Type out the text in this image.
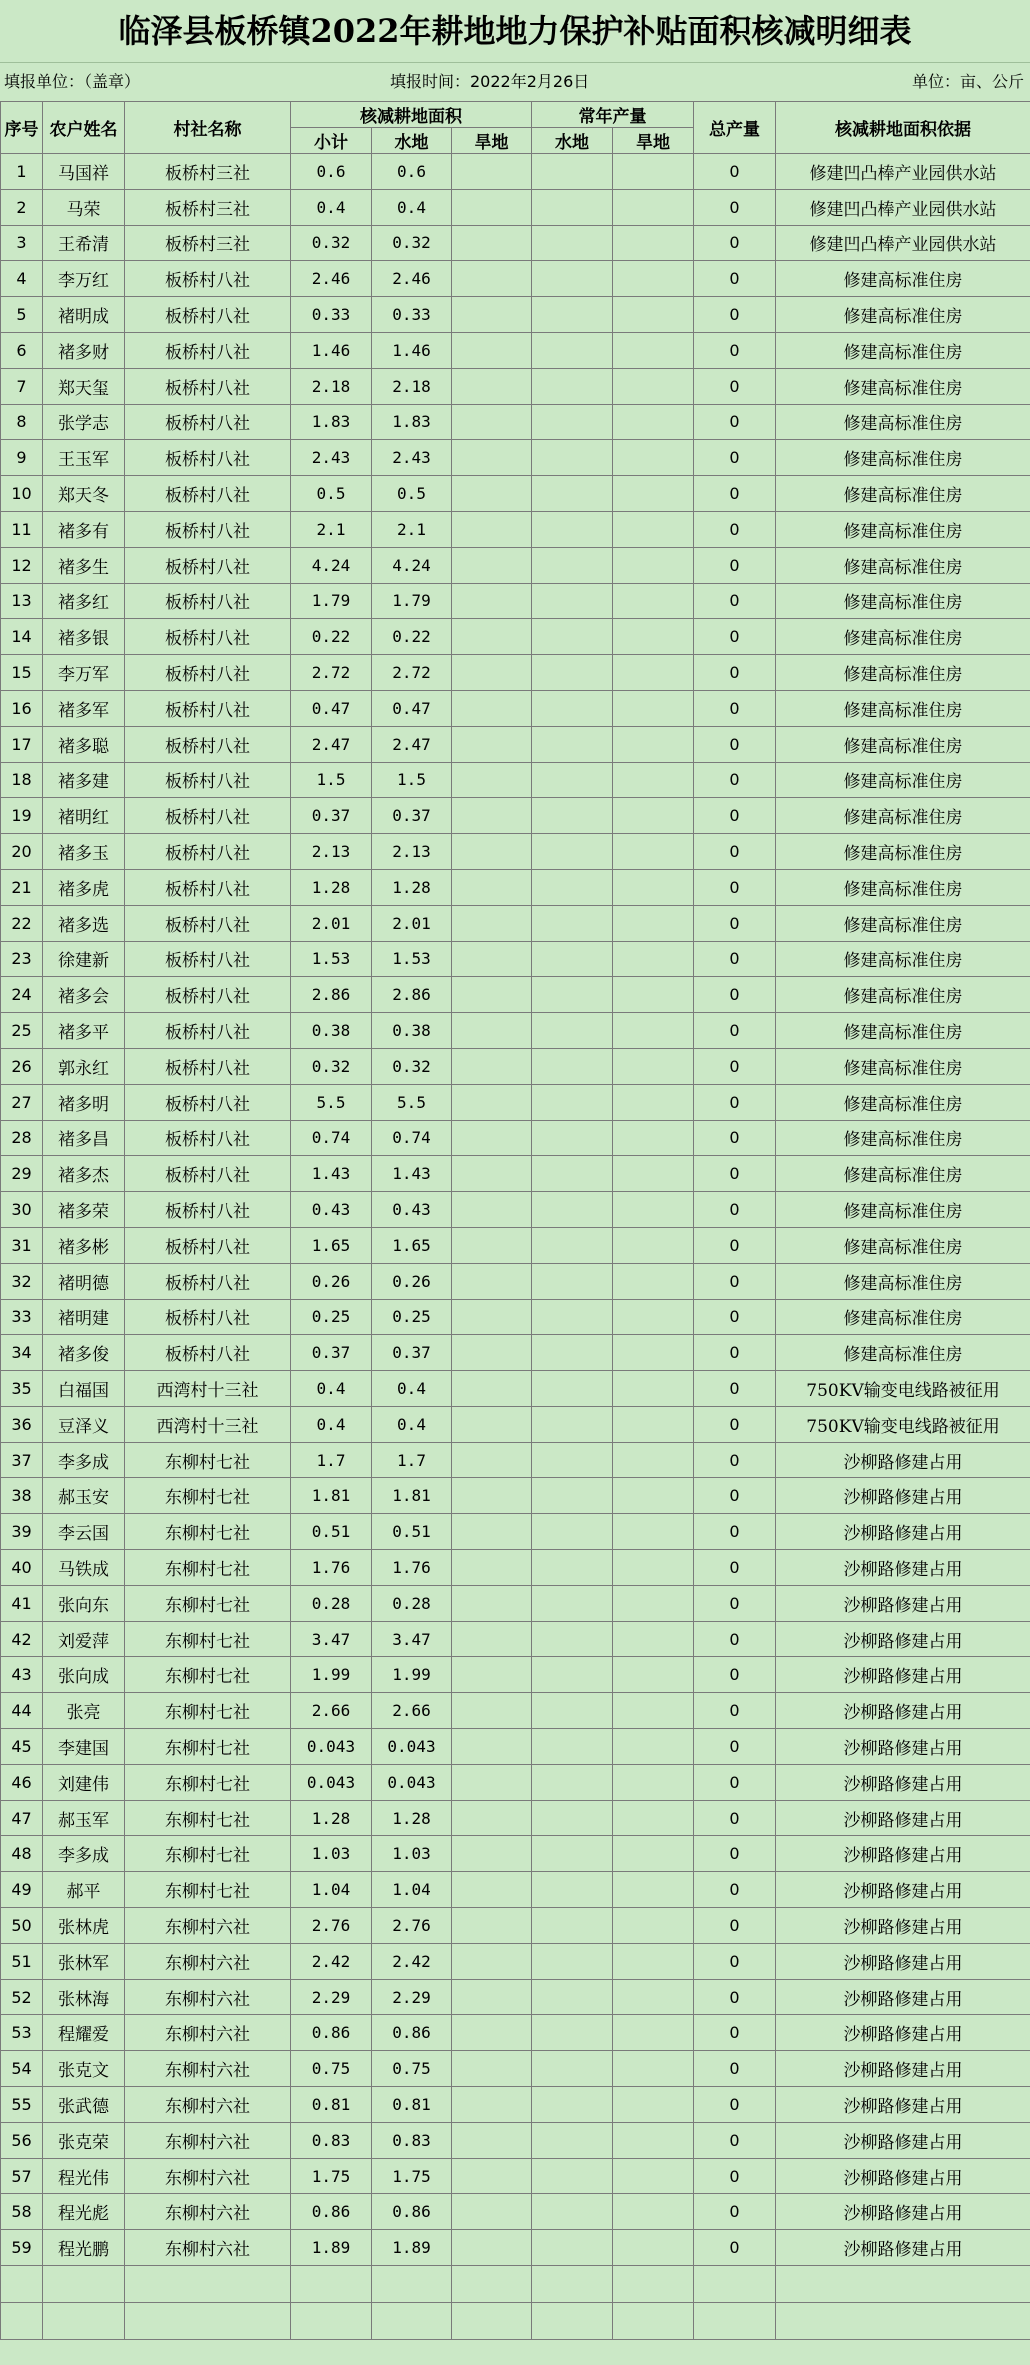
临泽县板桥镇2022年耕地地力保护补贴面积核减明细表
填报单位：（盖章）	填报时间：2022年2月26日	单位：亩、公斤
序号	农户姓名	村社名称	核减耕地面积			常年产量		总产量	核减耕地面积依据
			小计	水地	旱地	水地	旱地		
1	马国祥	板桥村三社	0.6	0.6				0	修建凹凸棒产业园供水站
2	马荣	板桥村三社	0.4	0.4				0	修建凹凸棒产业园供水站
3	王希清	板桥村三社	0.32	0.32				0	修建凹凸棒产业园供水站
4	李万红	板桥村八社	2.46	2.46				0	修建高标准住房
5	褚明成	板桥村八社	0.33	0.33				0	修建高标准住房
6	褚多财	板桥村八社	1.46	1.46				0	修建高标准住房
7	郑天玺	板桥村八社	2.18	2.18				0	修建高标准住房
8	张学志	板桥村八社	1.83	1.83				0	修建高标准住房
9	王玉军	板桥村八社	2.43	2.43				0	修建高标准住房
10	郑天冬	板桥村八社	0.5	0.5				0	修建高标准住房
11	褚多有	板桥村八社	2.1	2.1				0	修建高标准住房
12	褚多生	板桥村八社	4.24	4.24				0	修建高标准住房
13	褚多红	板桥村八社	1.79	1.79				0	修建高标准住房
14	褚多银	板桥村八社	0.22	0.22				0	修建高标准住房
15	李万军	板桥村八社	2.72	2.72				0	修建高标准住房
16	褚多军	板桥村八社	0.47	0.47				0	修建高标准住房
17	褚多聪	板桥村八社	2.47	2.47				0	修建高标准住房
18	褚多建	板桥村八社	1.5	1.5				0	修建高标准住房
19	褚明红	板桥村八社	0.37	0.37				0	修建高标准住房
20	褚多玉	板桥村八社	2.13	2.13				0	修建高标准住房
21	褚多虎	板桥村八社	1.28	1.28				0	修建高标准住房
22	褚多选	板桥村八社	2.01	2.01				0	修建高标准住房
23	徐建新	板桥村八社	1.53	1.53				0	修建高标准住房
24	褚多会	板桥村八社	2.86	2.86				0	修建高标准住房
25	褚多平	板桥村八社	0.38	0.38				0	修建高标准住房
26	郭永红	板桥村八社	0.32	0.32				0	修建高标准住房
27	褚多明	板桥村八社	5.5	5.5				0	修建高标准住房
28	褚多昌	板桥村八社	0.74	0.74				0	修建高标准住房
29	褚多杰	板桥村八社	1.43	1.43				0	修建高标准住房
30	褚多荣	板桥村八社	0.43	0.43				0	修建高标准住房
31	褚多彬	板桥村八社	1.65	1.65				0	修建高标准住房
32	褚明德	板桥村八社	0.26	0.26				0	修建高标准住房
33	褚明建	板桥村八社	0.25	0.25				0	修建高标准住房
34	褚多俊	板桥村八社	0.37	0.37				0	修建高标准住房
35	白福国	西湾村十三社	0.4	0.4				0	750KV输变电线路被征用
36	豆泽义	西湾村十三社	0.4	0.4				0	750KV输变电线路被征用
37	李多成	东柳村七社	1.7	1.7				0	沙柳路修建占用
38	郝玉安	东柳村七社	1.81	1.81				0	沙柳路修建占用
39	李云国	东柳村七社	0.51	0.51				0	沙柳路修建占用
40	马铁成	东柳村七社	1.76	1.76				0	沙柳路修建占用
41	张向东	东柳村七社	0.28	0.28				0	沙柳路修建占用
42	刘爱萍	东柳村七社	3.47	3.47				0	沙柳路修建占用
43	张向成	东柳村七社	1.99	1.99				0	沙柳路修建占用
44	张亮	东柳村七社	2.66	2.66				0	沙柳路修建占用
45	李建国	东柳村七社	0.043	0.043				0	沙柳路修建占用
46	刘建伟	东柳村七社	0.043	0.043				0	沙柳路修建占用
47	郝玉军	东柳村七社	1.28	1.28				0	沙柳路修建占用
48	李多成	东柳村七社	1.03	1.03				0	沙柳路修建占用
49	郝平	东柳村七社	1.04	1.04				0	沙柳路修建占用
50	张林虎	东柳村六社	2.76	2.76				0	沙柳路修建占用
51	张林军	东柳村六社	2.42	2.42				0	沙柳路修建占用
52	张林海	东柳村六社	2.29	2.29				0	沙柳路修建占用
53	程耀爱	东柳村六社	0.86	0.86				0	沙柳路修建占用
54	张克文	东柳村六社	0.75	0.75				0	沙柳路修建占用
55	张武德	东柳村六社	0.81	0.81				0	沙柳路修建占用
56	张克荣	东柳村六社	0.83	0.83				0	沙柳路修建占用
57	程光伟	东柳村六社	1.75	1.75				0	沙柳路修建占用
58	程光彪	东柳村六社	0.86	0.86				0	沙柳路修建占用
59	程光鹏	东柳村六社	1.89	1.89				0	沙柳路修建占用
